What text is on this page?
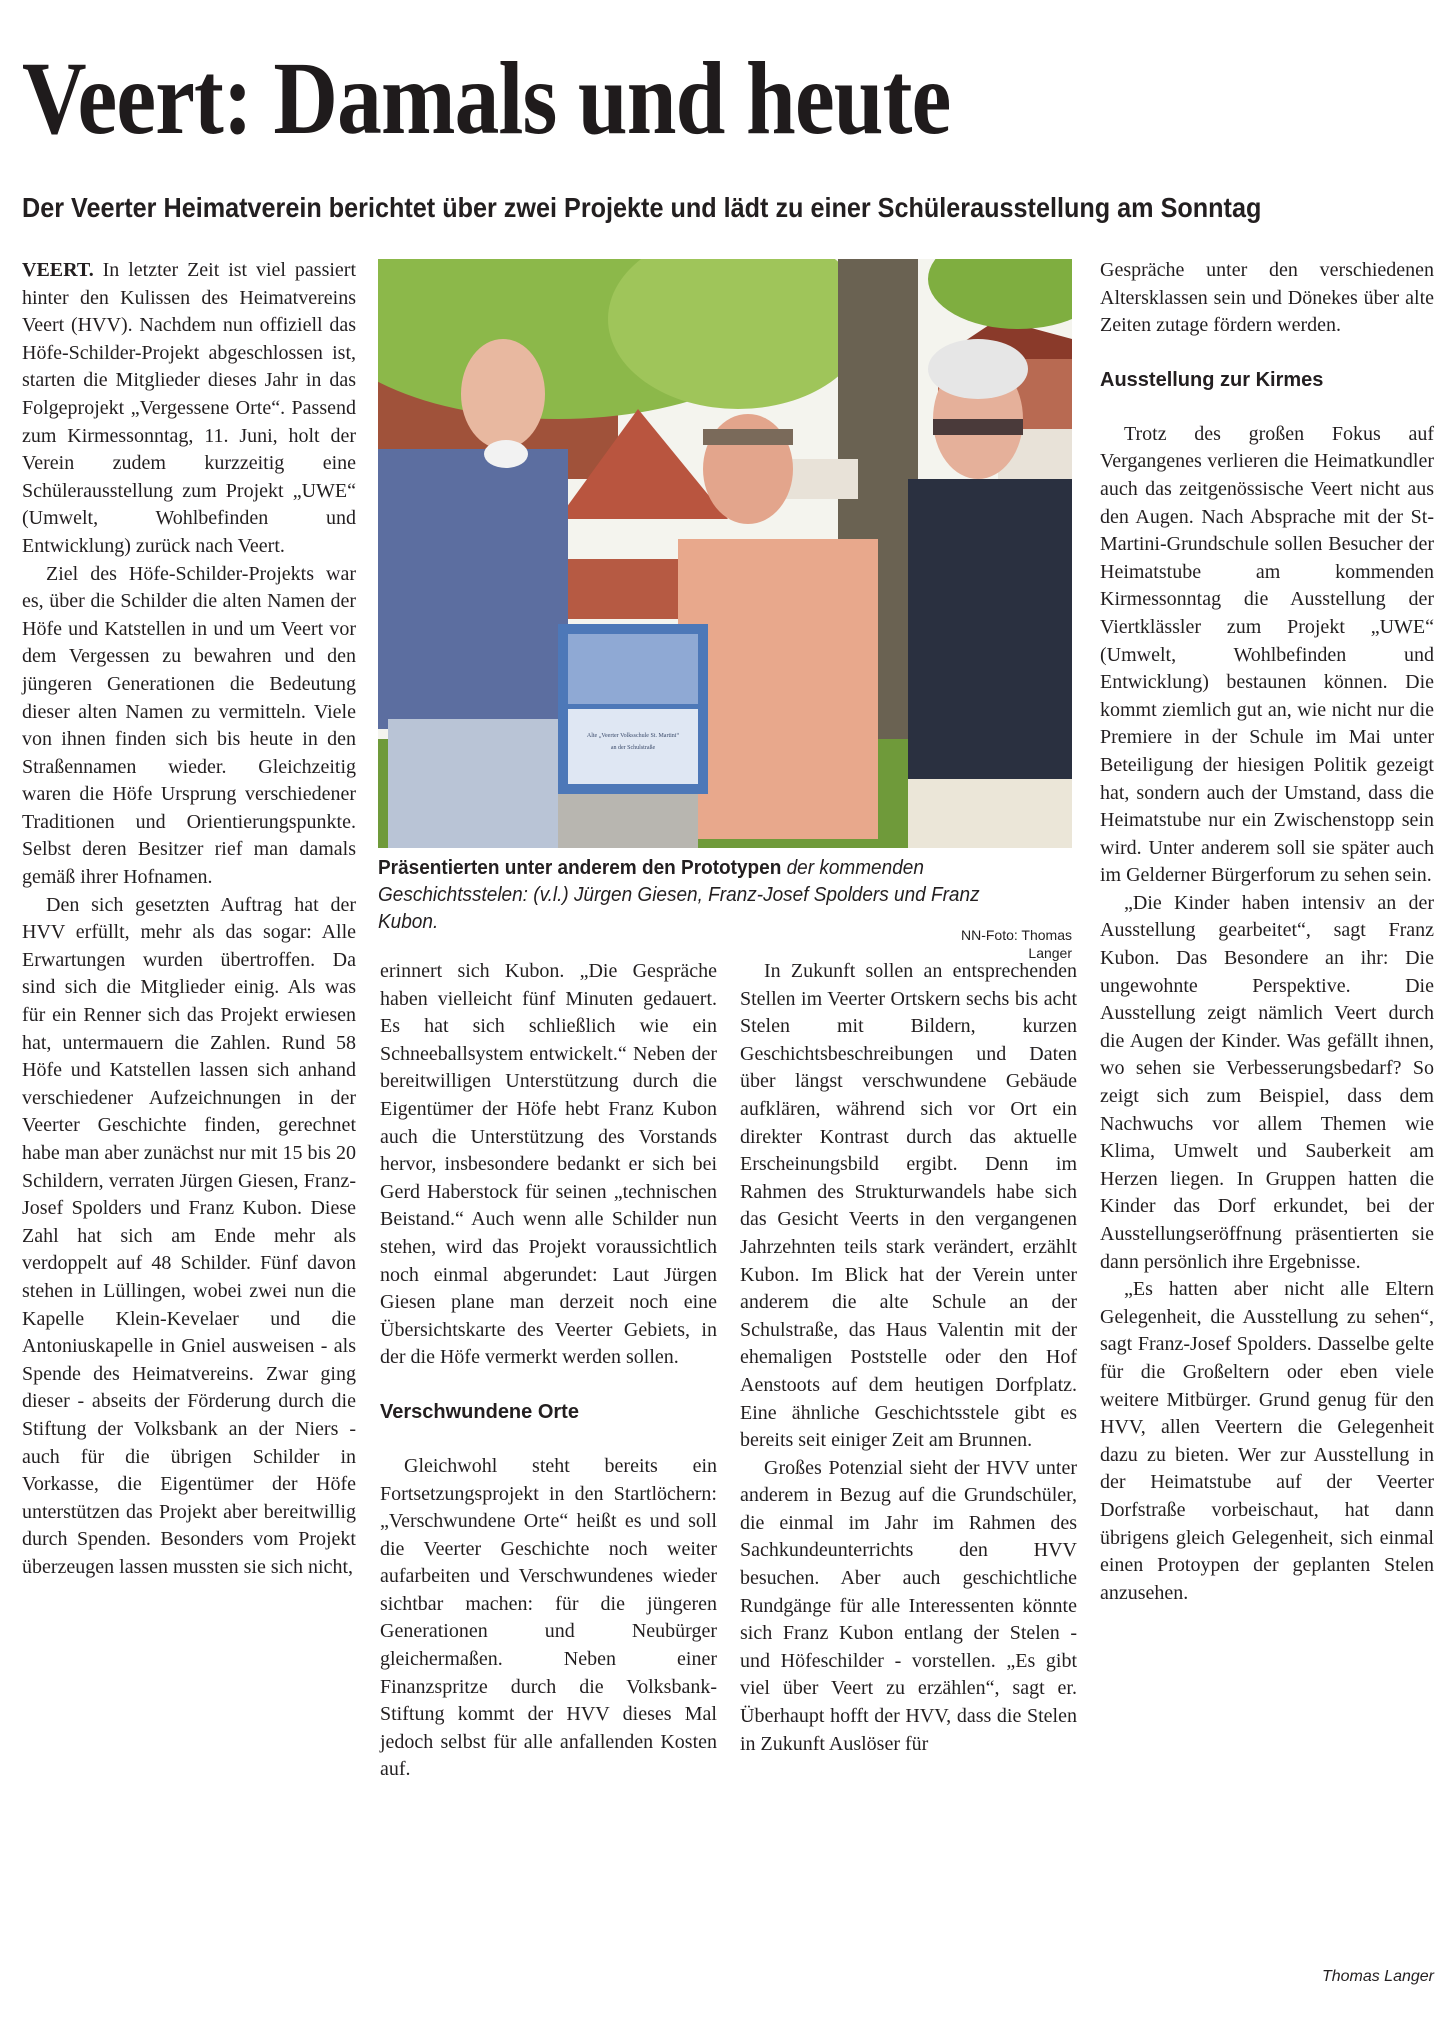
Veert: Damals und heute
Der Veerter Heimatverein berichtet über zwei Projekte und lädt zu einer Schülerausstellung am Sonntag

VEERT. In letzter Zeit ist viel passiert hinter den Kulissen des Heimatvereins Veert (HVV). Nachdem nun offiziell das Höfe-Schilder-Projekt abgeschlossen ist, starten die Mitglieder dieses Jahr in das Folgeprojekt „Vergessene Orte“. Passend zum Kirmessonntag, 11. Juni, holt der Verein zudem kurzzeitig eine Schülerausstellung zum Projekt „UWE“ (Umwelt, Wohlbefinden und Entwicklung) zurück nach Veert.

Ziel des Höfe-Schilder-Projekts war es, über die Schilder die alten Namen der Höfe und Katstellen in und um Veert vor dem Vergessen zu bewahren und den jüngeren Generationen die Bedeutung dieser alten Namen zu vermitteln. Viele von ihnen finden sich bis heute in den Straßennamen wieder. Gleichzeitig waren die Höfe Ursprung verschiedener Traditionen und Orientierungspunkte. Selbst deren Besitzer rief man damals gemäß ihrer Hofnamen.

Den sich gesetzten Auftrag hat der HVV erfüllt, mehr als das sogar: Alle Erwartungen wurden übertroffen. Da sind sich die Mitglieder einig. Als was für ein Renner sich das Projekt erwiesen hat, untermauern die Zahlen. Rund 58 Höfe und Katstellen lassen sich anhand verschiedener Aufzeichnungen in der Veerter Geschichte finden, gerechnet habe man aber zunächst nur mit 15 bis 20 Schildern, verraten Jürgen Giesen, Franz-Josef Spolders und Franz Kubon. Diese Zahl hat sich am Ende mehr als verdoppelt auf 48 Schilder. Fünf davon stehen in Lüllingen, wobei zwei nun die Kapelle Klein-Kevelaer und die Antoniuskapelle in Gniel ausweisen - als Spende des Heimatvereins. Zwar ging dieser - abseits der Förderung durch die Stiftung der Volksbank an der Niers - auch für die übrigen Schilder in Vorkasse, die Eigentümer der Höfe unterstützen das Projekt aber bereitwillig durch Spenden. Besonders vom Projekt überzeugen lassen mussten sie sich nicht,

Alte „Veerter Volksschule St. Martini“
an der Schulstraße
Präsentierten unter anderem den Prototypen der kommenden Geschichtsstelen: (v.l.) Jürgen Giesen, Franz-Josef Spolders und Franz Kubon.
NN-Foto: Thomas Langer

erinnert sich Kubon. „Die Gespräche haben vielleicht fünf Minuten gedauert. Es hat sich schließlich wie ein Schneeballsystem entwickelt.“ Neben der bereitwilligen Unterstützung durch die Eigentümer der Höfe hebt Franz Kubon auch die Unterstützung des Vorstands hervor, insbesondere bedankt er sich bei Gerd Haberstock für seinen „technischen Beistand.“ Auch wenn alle Schilder nun stehen, wird das Projekt voraussichtlich noch einmal abgerundet: Laut Jürgen Giesen plane man derzeit noch eine Übersichtskarte des Veerter Gebiets, in der die Höfe vermerkt werden sollen.

Verschwundene Orte

Gleichwohl steht bereits ein Fortsetzungsprojekt in den Startlöchern: „Verschwundene Orte“ heißt es und soll die Veerter Geschichte noch weiter aufarbeiten und Verschwundenes wieder sichtbar machen: für die jüngeren Generationen und Neubürger gleichermaßen. Neben einer Finanzspritze durch die Volksbank-Stiftung kommt der HVV dieses Mal jedoch selbst für alle anfallenden Kosten auf.

In Zukunft sollen an entsprechenden Stellen im Veerter Ortskern sechs bis acht Stelen mit Bildern, kurzen Geschichtsbeschreibungen und Daten über längst verschwundene Gebäude aufklären, während sich vor Ort ein direkter Kontrast durch das aktuelle Erscheinungsbild ergibt. Denn im Rahmen des Strukturwandels habe sich das Gesicht Veerts in den vergangenen Jahrzehnten teils stark verändert, erzählt Kubon. Im Blick hat der Verein unter anderem die alte Schule an der Schulstraße, das Haus Valentin mit der ehemaligen Poststelle oder den Hof Aenstoots auf dem heutigen Dorfplatz. Eine ähnliche Geschichtsstele gibt es bereits seit einiger Zeit am Brunnen.

Großes Potenzial sieht der HVV unter anderem in Bezug auf die Grundschüler, die einmal im Jahr im Rahmen des Sachkundeunterrichts den HVV besuchen. Aber auch geschichtliche Rundgänge für alle Interessenten könnte sich Franz Kubon entlang der Stelen - und Höfeschilder - vorstellen. „Es gibt viel über Veert zu erzählen“, sagt er. Überhaupt hofft der HVV, dass die Stelen in Zukunft Auslöser für

Gespräche unter den verschiedenen Altersklassen sein und Dönekes über alte Zeiten zutage fördern werden.

Ausstellung zur Kirmes

Trotz des großen Fokus auf Vergangenes verlieren die Heimatkundler auch das zeitgenössische Veert nicht aus den Augen. Nach Absprache mit der St-Martini-Grundschule sollen Besucher der Heimatstube am kommenden Kirmessonntag die Ausstellung der Viertklässler zum Projekt „UWE“ (Umwelt, Wohlbefinden und Entwicklung) bestaunen können. Die kommt ziemlich gut an, wie nicht nur die Premiere in der Schule im Mai unter Beteiligung der hiesigen Politik gezeigt hat, sondern auch der Umstand, dass die Heimatstube nur ein Zwischenstopp sein wird. Unter anderem soll sie später auch im Gelderner Bürgerforum zu sehen sein.

„Die Kinder haben intensiv an der Ausstellung gearbeitet“, sagt Franz Kubon. Das Besondere an ihr: Die ungewohnte Perspektive. Die Ausstellung zeigt nämlich Veert durch die Augen der Kinder. Was gefällt ihnen, wo sehen sie Verbesserungsbedarf? So zeigt sich zum Beispiel, dass dem Nachwuchs vor allem Themen wie Klima, Umwelt und Sauberkeit am Herzen liegen. In Gruppen hatten die Kinder das Dorf erkundet, bei der Ausstellungseröffnung präsentierten sie dann persönlich ihre Ergebnisse.

„Es hatten aber nicht alle Eltern Gelegenheit, die Ausstellung zu sehen“, sagt Franz-Josef Spolders. Dasselbe gelte für die Großeltern oder eben viele weitere Mitbürger. Grund genug für den HVV, allen Veertern die Gelegenheit dazu zu bieten. Wer zur Ausstellung in der Heimatstube auf der Veerter Dorfstraße vorbeischaut, hat dann übrigens gleich Gelegenheit, sich einmal einen Protoypen der geplanten Stelen anzusehen.

Thomas Langer
